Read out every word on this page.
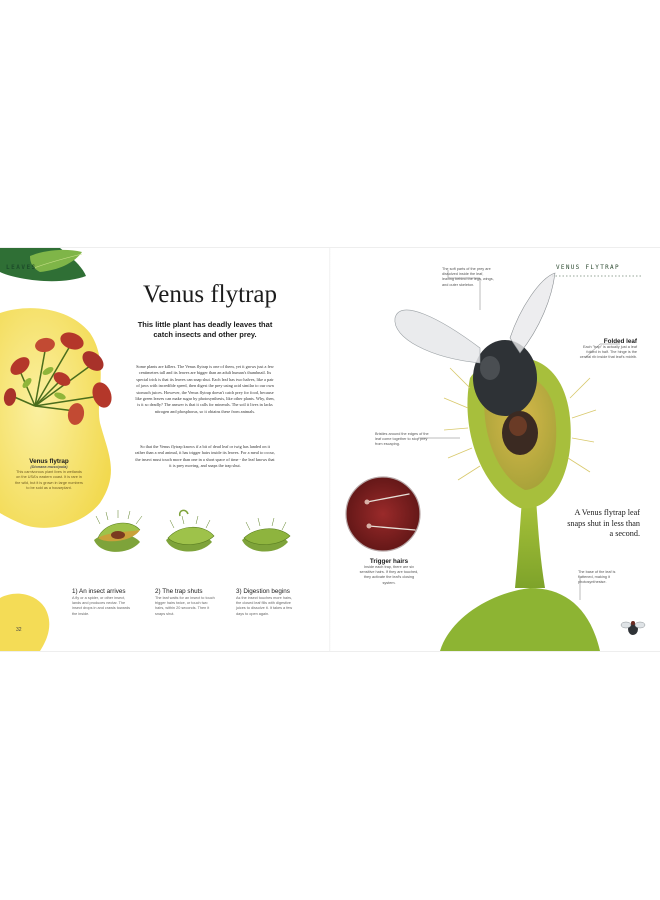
LEAVES
Venus flytrap
(Dionaea muscipula)
This carnivorous plant lives in wetlands on the USA's eastern coast. It is rare in the wild, but it is grown in large numbers to be sold as a houseplant.
Venus flytrap
This little plant has deadly leaves that catch insects and other prey.
Some plants are killers. The Venus flytrap is one of them, yet it grows just a few centimetres tall and its leaves are bigger than an adult human's thumbnail. Its special trick is that its leaves can snap shut. Each leaf has two halves, like a pair of jaws with incredible speed, then digest the prey using acid similar to our own stomach juices. However, the Venus flytrap doesn't catch prey for food, because like green leaves can make sugar by photosynthesis, like other plants. Why, then, is it so deadly? The answer is that it calls for minerals. The soil it lives in lacks nitrogen and phosphorus, so it obtains these from animals.
So that the Venus flytrap knows if a bit of dead leaf or twig has landed on it rather than a real animal, it has trigger hairs inside its leaves. For a meal to occur, the insect must touch more than one in a short space of time - the leaf knows that it is prey moving, and snaps the trap shut.
1) An insect arrives
A fly or a spider, or other insect, lands and produces nectar. The insect drops in and crawls towards the inside.
2) The trap shuts
The leaf waits for an insect to touch trigger hairs twice, or touch two hairs, within 20 seconds. Then it snaps shut.
3) Digestion begins
As the insect touches more hairs, the closed leaf fills with digestive juices to dissolve it. It takes a few days to open again.
32
VENUS FLYTRAP
The soft parts of the prey are dissolved inside the leaf, leaving behind the legs, wings, and outer skeleton.
Folded leaf
Each "trap" is actually just a leaf folded in half. The hinge is the central rib inside that leaf's midrib.
Bristles around the edges of the leaf come together to stop prey from escaping.
Trigger hairs
Inside each trap, there are six sensitive hairs. If they are touched, they activate the leaf's closing system.
A Venus flytrap leaf snaps shut in less than a second.
The base of the leaf is flattened, making it photosynthesise.
